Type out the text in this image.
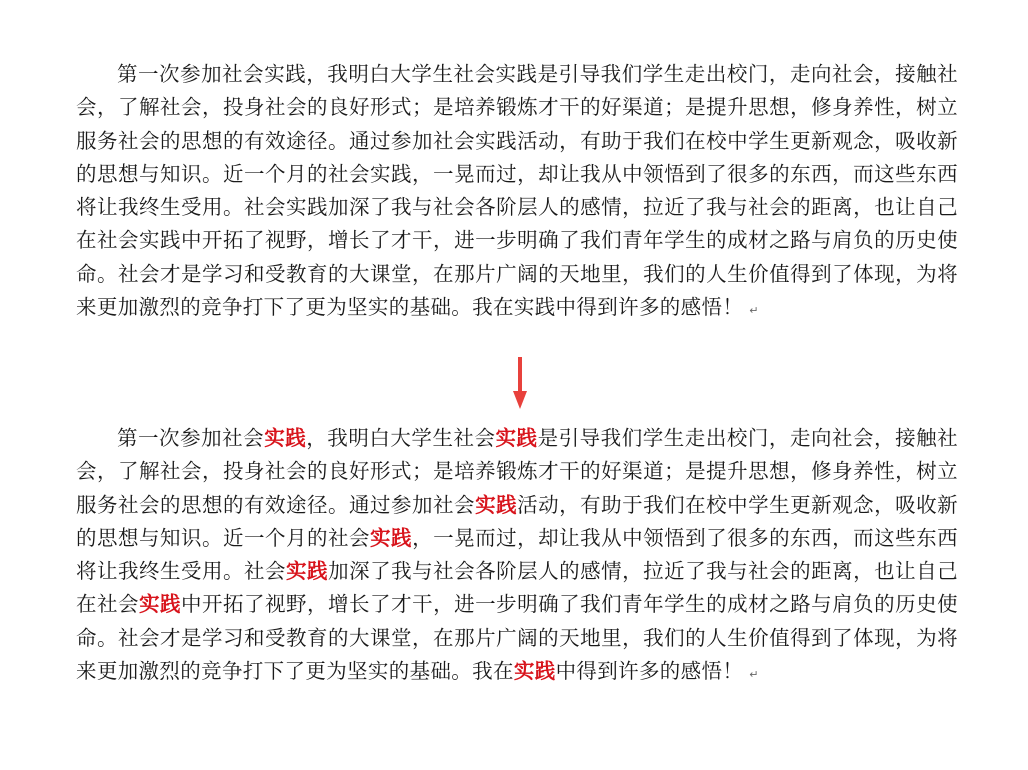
第一次参加社会实践，我明白大学生社会实践是引导我们学生走出校门，走向社会，接触社会，了解社会，投身社会的良好形式；是培养锻炼才干的好渠道；是提升思想，修身养性，树立服务社会的思想的有效途径。通过参加社会实践活动，有助于我们在校中学生更新观念，吸收新的思想与知识。近一个月的社会实践，一晃而过，却让我从中领悟到了很多的东西，而这些东西将让我终生受用。社会实践加深了我与社会各阶层人的感情，拉近了我与社会的距离，也让自己在社会实践中开拓了视野，增长了才干，进一步明确了我们青年学生的成材之路与肩负的历史使命。社会才是学习和受教育的大课堂，在那片广阔的天地里，我们的人生价值得到了体现，为将来更加激烈的竞争打下了更为坚实的基础。我在实践中得到许多的感悟！ ↵

第一次参加社会实践，我明白大学生社会实践是引导我们学生走出校门，走向社会，接触社会，了解社会，投身社会的良好形式；是培养锻炼才干的好渠道；是提升思想，修身养性，树立服务社会的思想的有效途径。通过参加社会实践活动，有助于我们在校中学生更新观念，吸收新的思想与知识。近一个月的社会实践，一晃而过，却让我从中领悟到了很多的东西，而这些东西将让我终生受用。社会实践加深了我与社会各阶层人的感情，拉近了我与社会的距离，也让自己在社会实践中开拓了视野，增长了才干，进一步明确了我们青年学生的成材之路与肩负的历史使命。社会才是学习和受教育的大课堂，在那片广阔的天地里，我们的人生价值得到了体现，为将来更加激烈的竞争打下了更为坚实的基础。我在实践中得到许多的感悟！ ↵
